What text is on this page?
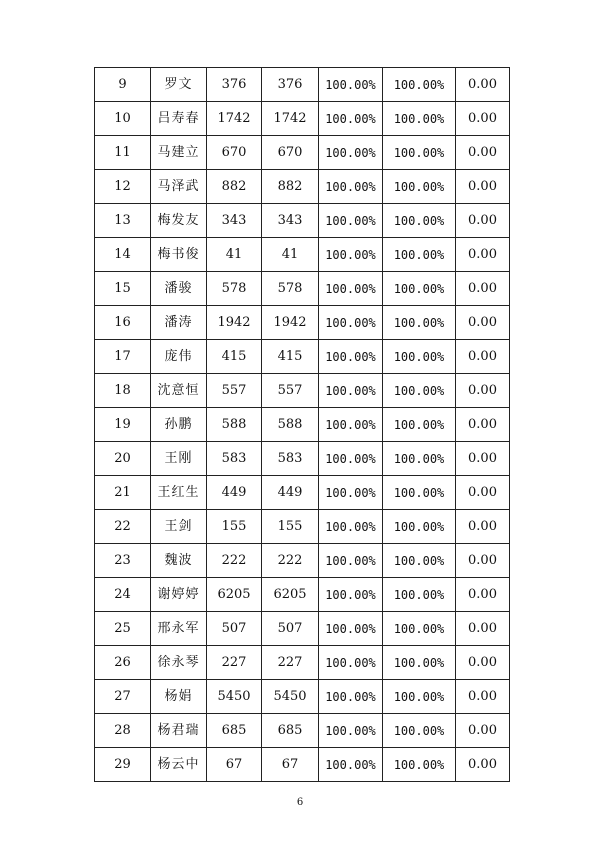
9	罗文	376	376	100.00%	100.00%	0.00
10	吕寿春	1742	1742	100.00%	100.00%	0.00
11	马建立	670	670	100.00%	100.00%	0.00
12	马泽武	882	882	100.00%	100.00%	0.00
13	梅发友	343	343	100.00%	100.00%	0.00
14	梅书俊	41	41	100.00%	100.00%	0.00
15	潘骏	578	578	100.00%	100.00%	0.00
16	潘涛	1942	1942	100.00%	100.00%	0.00
17	庞伟	415	415	100.00%	100.00%	0.00
18	沈意恒	557	557	100.00%	100.00%	0.00
19	孙鹏	588	588	100.00%	100.00%	0.00
20	王刚	583	583	100.00%	100.00%	0.00
21	王红生	449	449	100.00%	100.00%	0.00
22	王剑	155	155	100.00%	100.00%	0.00
23	魏波	222	222	100.00%	100.00%	0.00
24	谢婷婷	6205	6205	100.00%	100.00%	0.00
25	邢永军	507	507	100.00%	100.00%	0.00
26	徐永琴	227	227	100.00%	100.00%	0.00
27	杨娟	5450	5450	100.00%	100.00%	0.00
28	杨君瑞	685	685	100.00%	100.00%	0.00
29	杨云中	67	67	100.00%	100.00%	0.00
6
